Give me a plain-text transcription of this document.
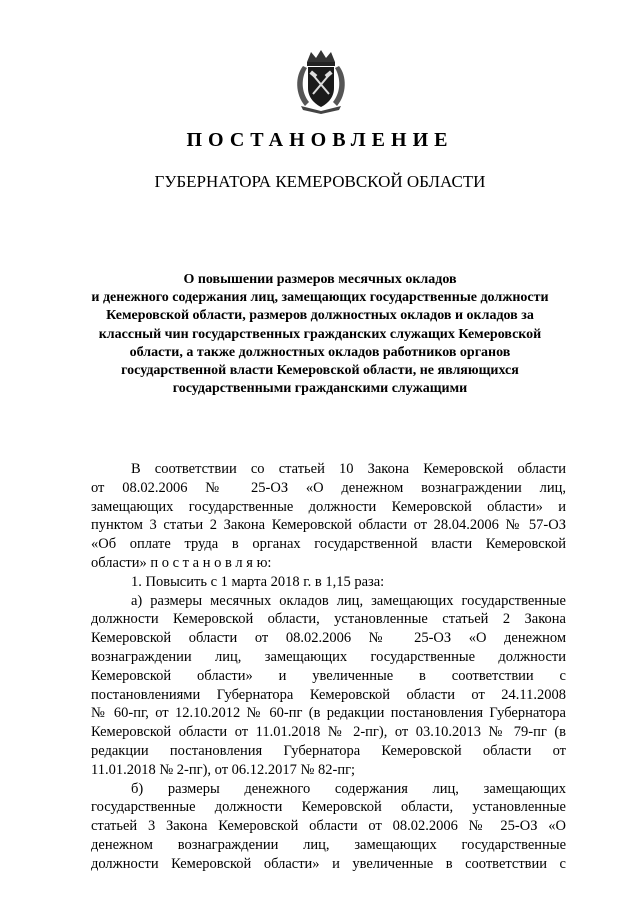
ПОСТАНОВЛЕНИЕ
ГУБЕРНАТОРА КЕМЕРОВСКОЙ ОБЛАСТИ
О повышении размеров месячных окладов
и денежного содержания лиц, замещающих государственные должности
Кемеровской области, размеров должностных окладов и окладов за
классный чин государственных гражданских служащих Кемеровской
области, а также должностных окладов работников органов
государственной власти Кемеровской области, не являющихся
государственными гражданскими служащими
В соответствии со статьей 10 Закона Кемеровской области
от 08.02.2006 № 25-ОЗ «О денежном вознаграждении лиц,
замещающих государственные должности Кемеровской области» и
пунктом 3 статьи 2 Закона Кемеровской области от 28.04.2006 № 57-ОЗ
«Об оплате труда в органах государственной власти Кемеровской
области» п о с т а н о в л я ю:
1. Повысить с 1 марта 2018 г. в 1,15 раза:
а) размеры месячных окладов лиц, замещающих государственные
должности Кемеровской области, установленные статьей 2 Закона
Кемеровской области от 08.02.2006 № 25-ОЗ «О денежном
вознаграждении лиц, замещающих государственные должности
Кемеровской области» и увеличенные в соответствии с
постановлениями Губернатора Кемеровской области от 24.11.2008
№ 60-пг, от 12.10.2012 № 60-пг (в редакции постановления Губернатора
Кемеровской области от 11.01.2018 № 2-пг), от 03.10.2013 № 79-пг (в
редакции постановления Губернатора Кемеровской области от
11.01.2018 № 2-пг), от 06.12.2017 № 82-пг;
б) размеры денежного содержания лиц, замещающих
государственные должности Кемеровской области, установленные
статьей 3 Закона Кемеровской области от 08.02.2006 № 25-ОЗ «О
денежном вознаграждении лиц, замещающих государственные
должности Кемеровской области» и увеличенные в соответствии с
